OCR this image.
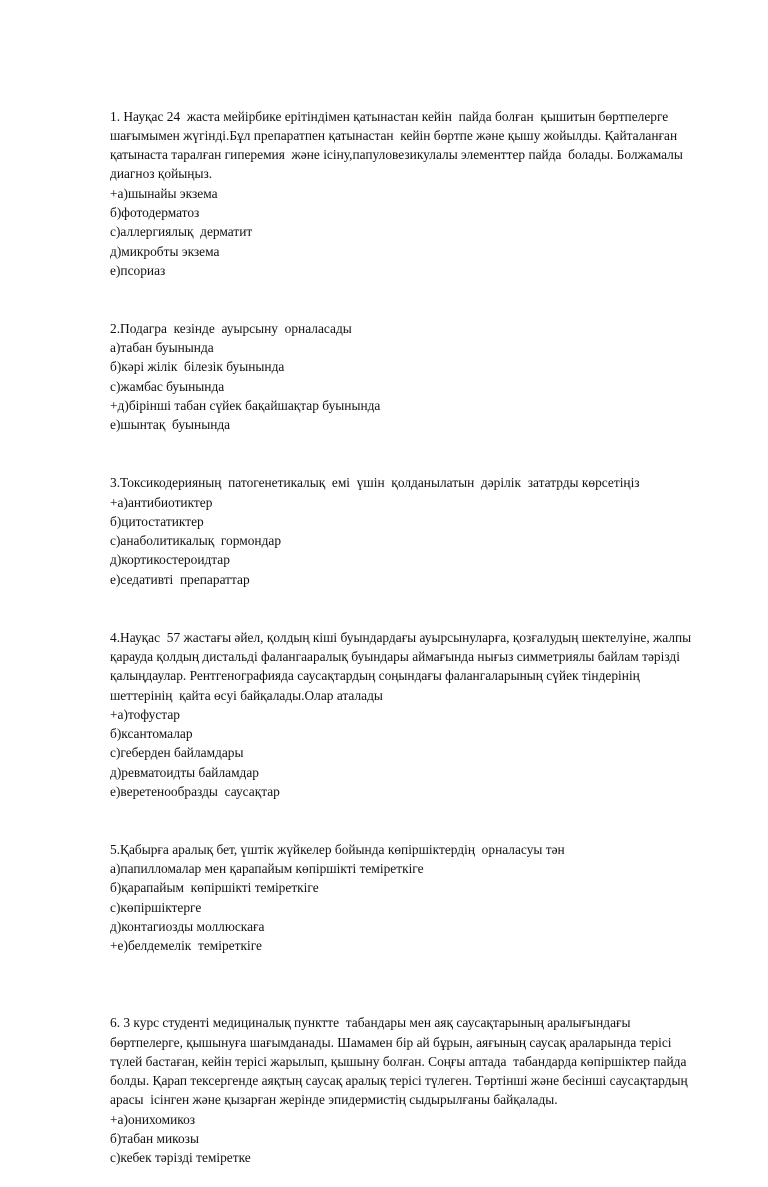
1. Науқас 24  жаста мейірбике ерітіндімен қатынастан кейін  пайда болған  қышитын бөртпелерге шағымымен жүгінді.Бұл препаратпен қатынастан  кейін бөртпе және қышу жойылды. Қайталанған қатынаста таралған гиперемия  және ісіну,папуловезикулалы элементтер пайда  болады. Болжамалы диагноз қойыңыз.
+а)шынайы экзема
б)фотодерматоз
с)аллергиялық  дерматит
д)микробты экзема
е)псориаз

2.Подагра  кезінде  ауырсыну  орналасады
а)табан буынында
б)кәрі жілік  білезік буынында
с)жамбас буынында
+д)бірінші табан сүйек бақайшақтар буынында
е)шынтақ  буынында

3.Токсикодерияның  патогенетикалық  емі  үшін  қолданылатын  дәрілік  зататрды көрсетіңіз
+а)антибиотиктер
б)цитостатиктер
с)анаболитикалық  гормондар
д)кортикостероидтар
е)седативті  препараттар

4.Науқас  57 жастағы әйел, қолдың кіші буындардағы ауырсынуларға, қозғалудың шектелуіне, жалпы қарауда қолдың дистальді фалангааралық буындары аймағында нығыз симметриялы байлам тәрізді қалыңдаулар. Рентгенографияда саусақтардың соңындағы фалангаларының сүйек тіндерінің   шеттерінің  қайта өсуі байқалады.Олар аталады
+а)тофустар
б)ксантомалар
с)геберден байламдары
д)ревматоидты байламдар
е)веретенообразды  саусақтар

5.Қабырға аралық бет, үштік жүйкелер бойында көпіршіктердің  орналасуы тән
а)папилломалар мен қарапайым көпіршікті теміреткіге
б)қарапайым  көпіршікті теміреткіге
с)көпіршіктерге
д)контагиозды моллюскаға
+е)белдемелік  теміреткіге

6. 3 курс студенті медициналық пунктте  табандары мен аяқ саусақтарының аралығындағы бөртпелерге, қышынуға шағымданады. Шамамен бір ай бұрын, аяғының саусақ араларында терісі түлей бастаған, кейін терісі жарылып, қышыну болған. Соңғы аптада  табандарда көпіршіктер пайда болды. Қарап тексергенде аяқтың саусақ аралық терісі түлеген. Төртінші және бесінші саусақтардың арасы  ісінген және қызарған жерінде эпидермистің сыдырылғаны байқалады.
+а)онихомикоз
б)табан микозы
с)кебек тәрізді теміретке
